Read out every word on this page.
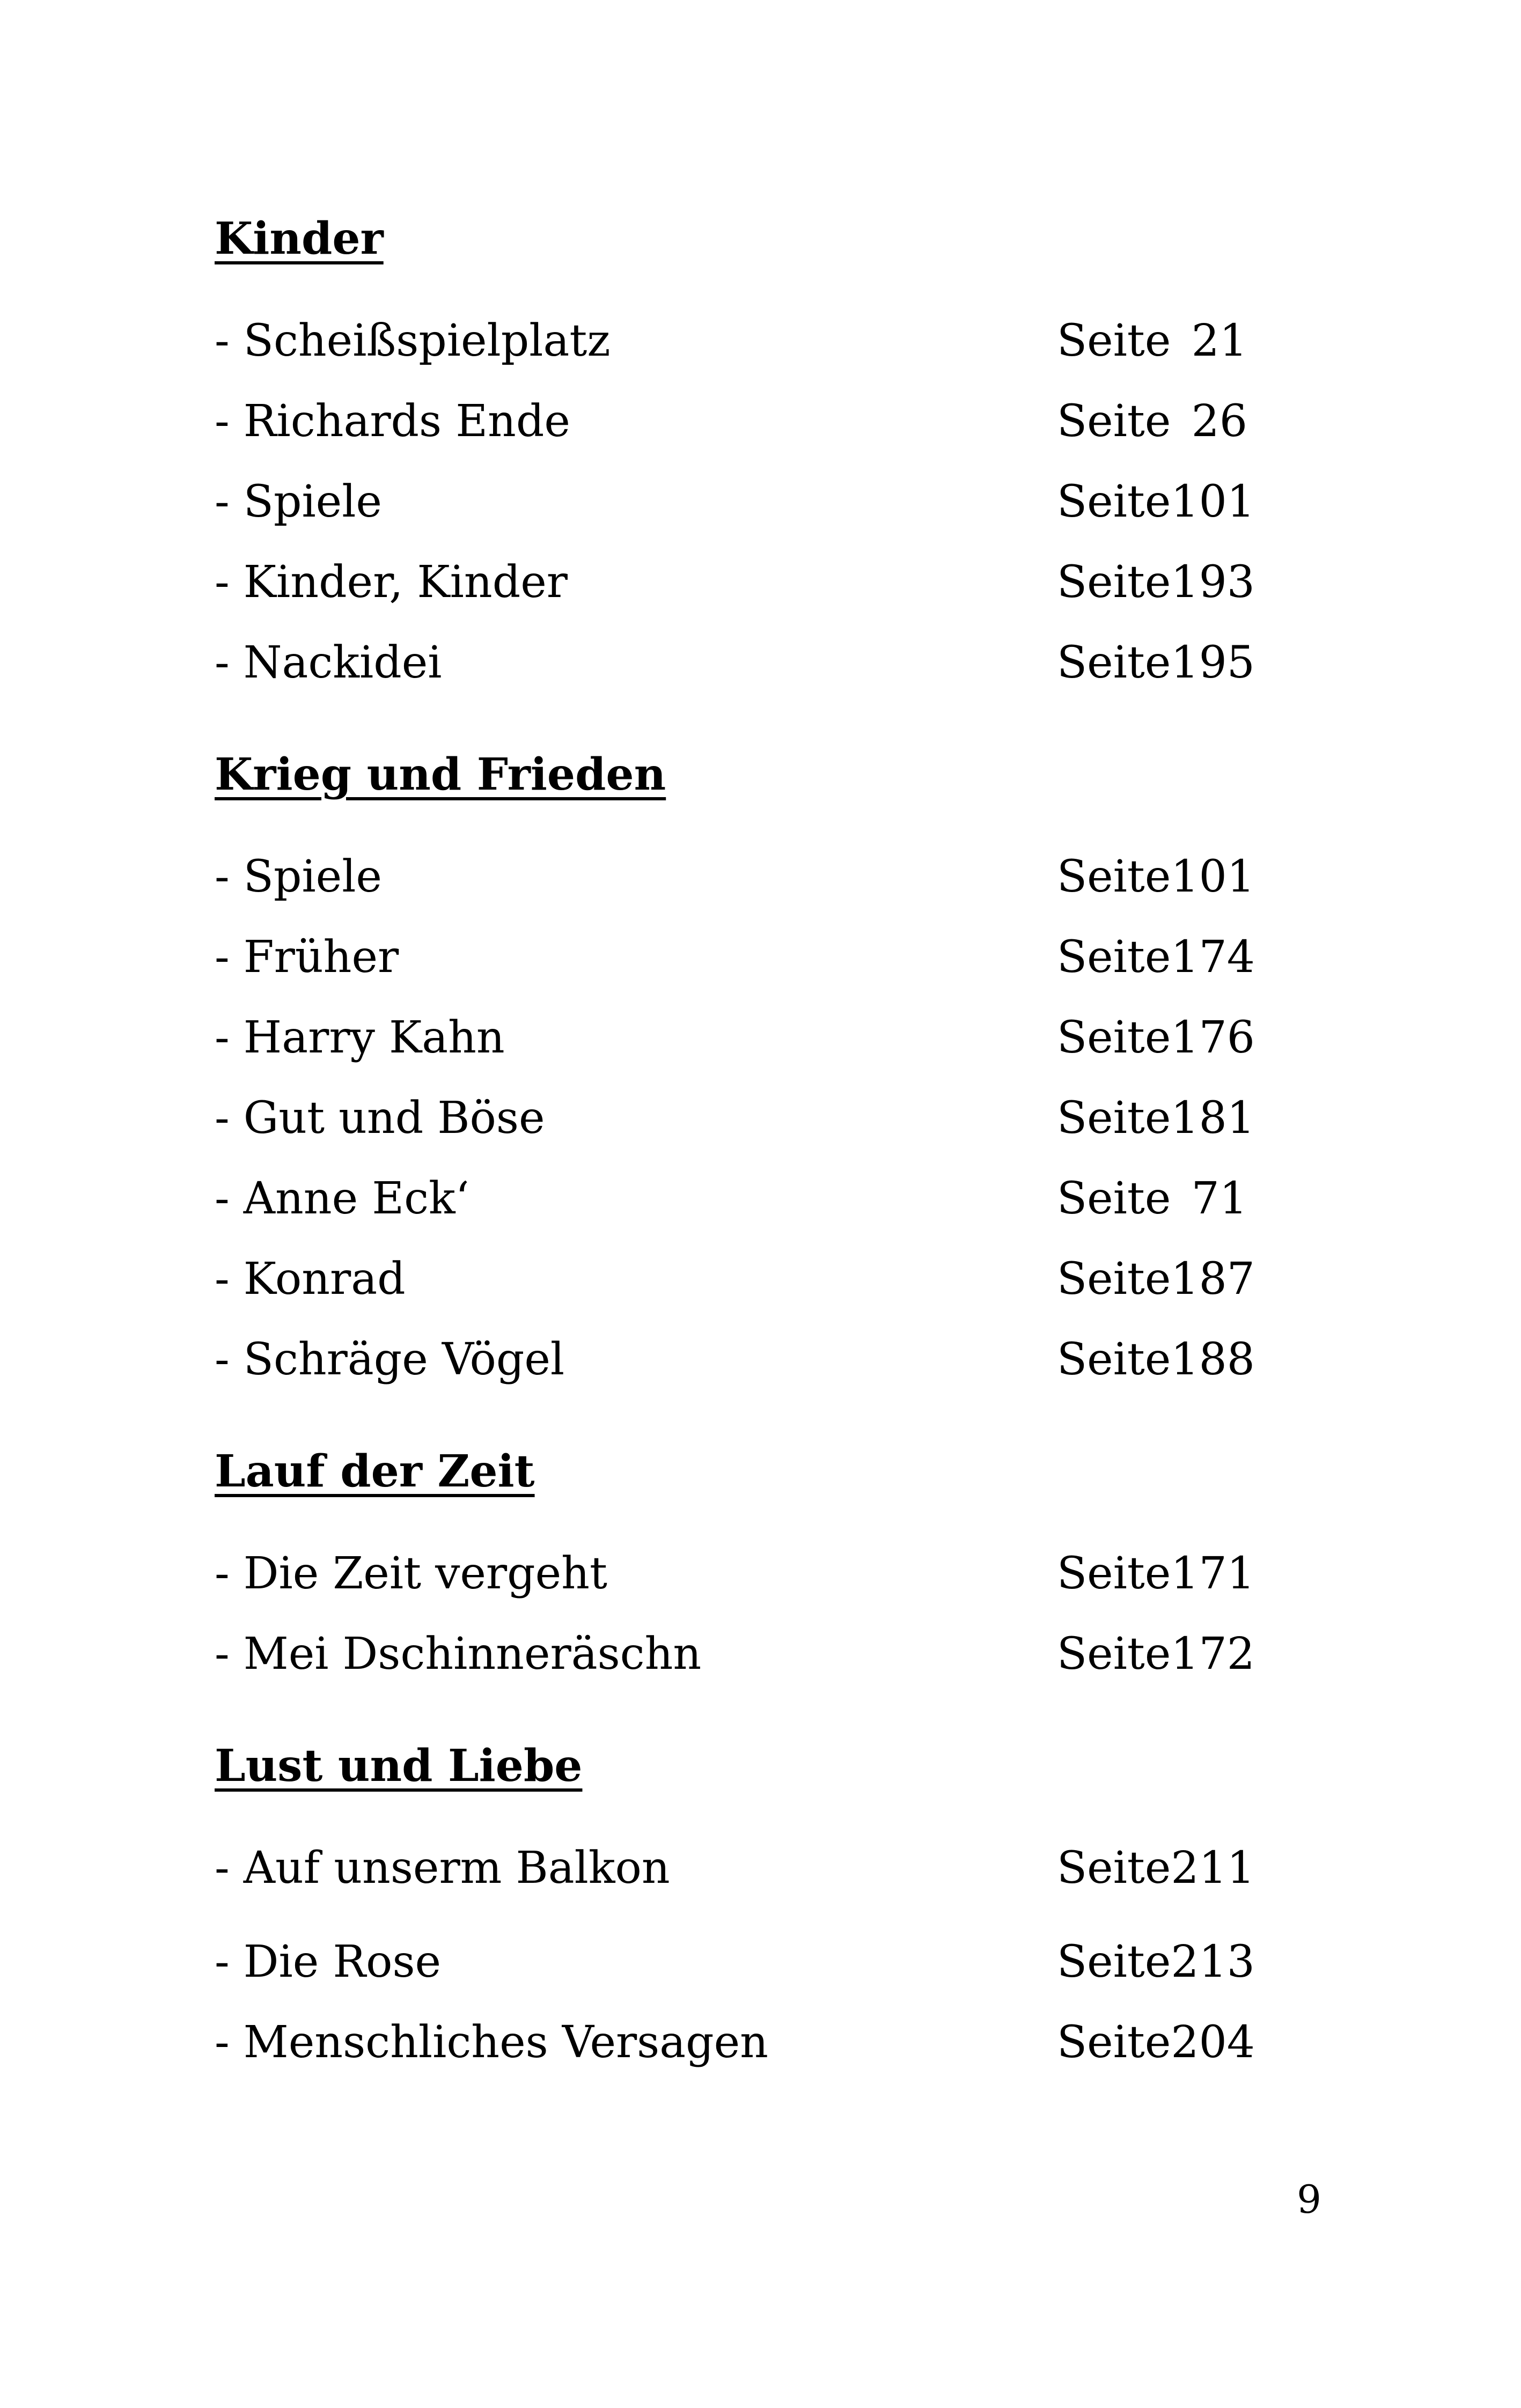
Kinder
- Scheißspielplatz	Seite 21
- Richards Ende	Seite 26
- Spiele	Seite 101
- Kinder, Kinder	Seite 193
- Nackidei	Seite 195
Krieg und Frieden
- Spiele	Seite 101
- Früher	Seite 174
- Harry Kahn	Seite 176
- Gut und Böse	Seite 181
- Anne Eck‘	Seite 71
- Konrad	Seite 187
- Schräge Vögel	Seite 188
Lauf der Zeit
- Die Zeit vergeht	Seite 171
- Mei Dschinneräschn	Seite 172
Lust und Liebe
- Auf unserm Balkon	Seite 211
- Die Rose	Seite 213
- Menschliches Versagen	Seite 204
9
